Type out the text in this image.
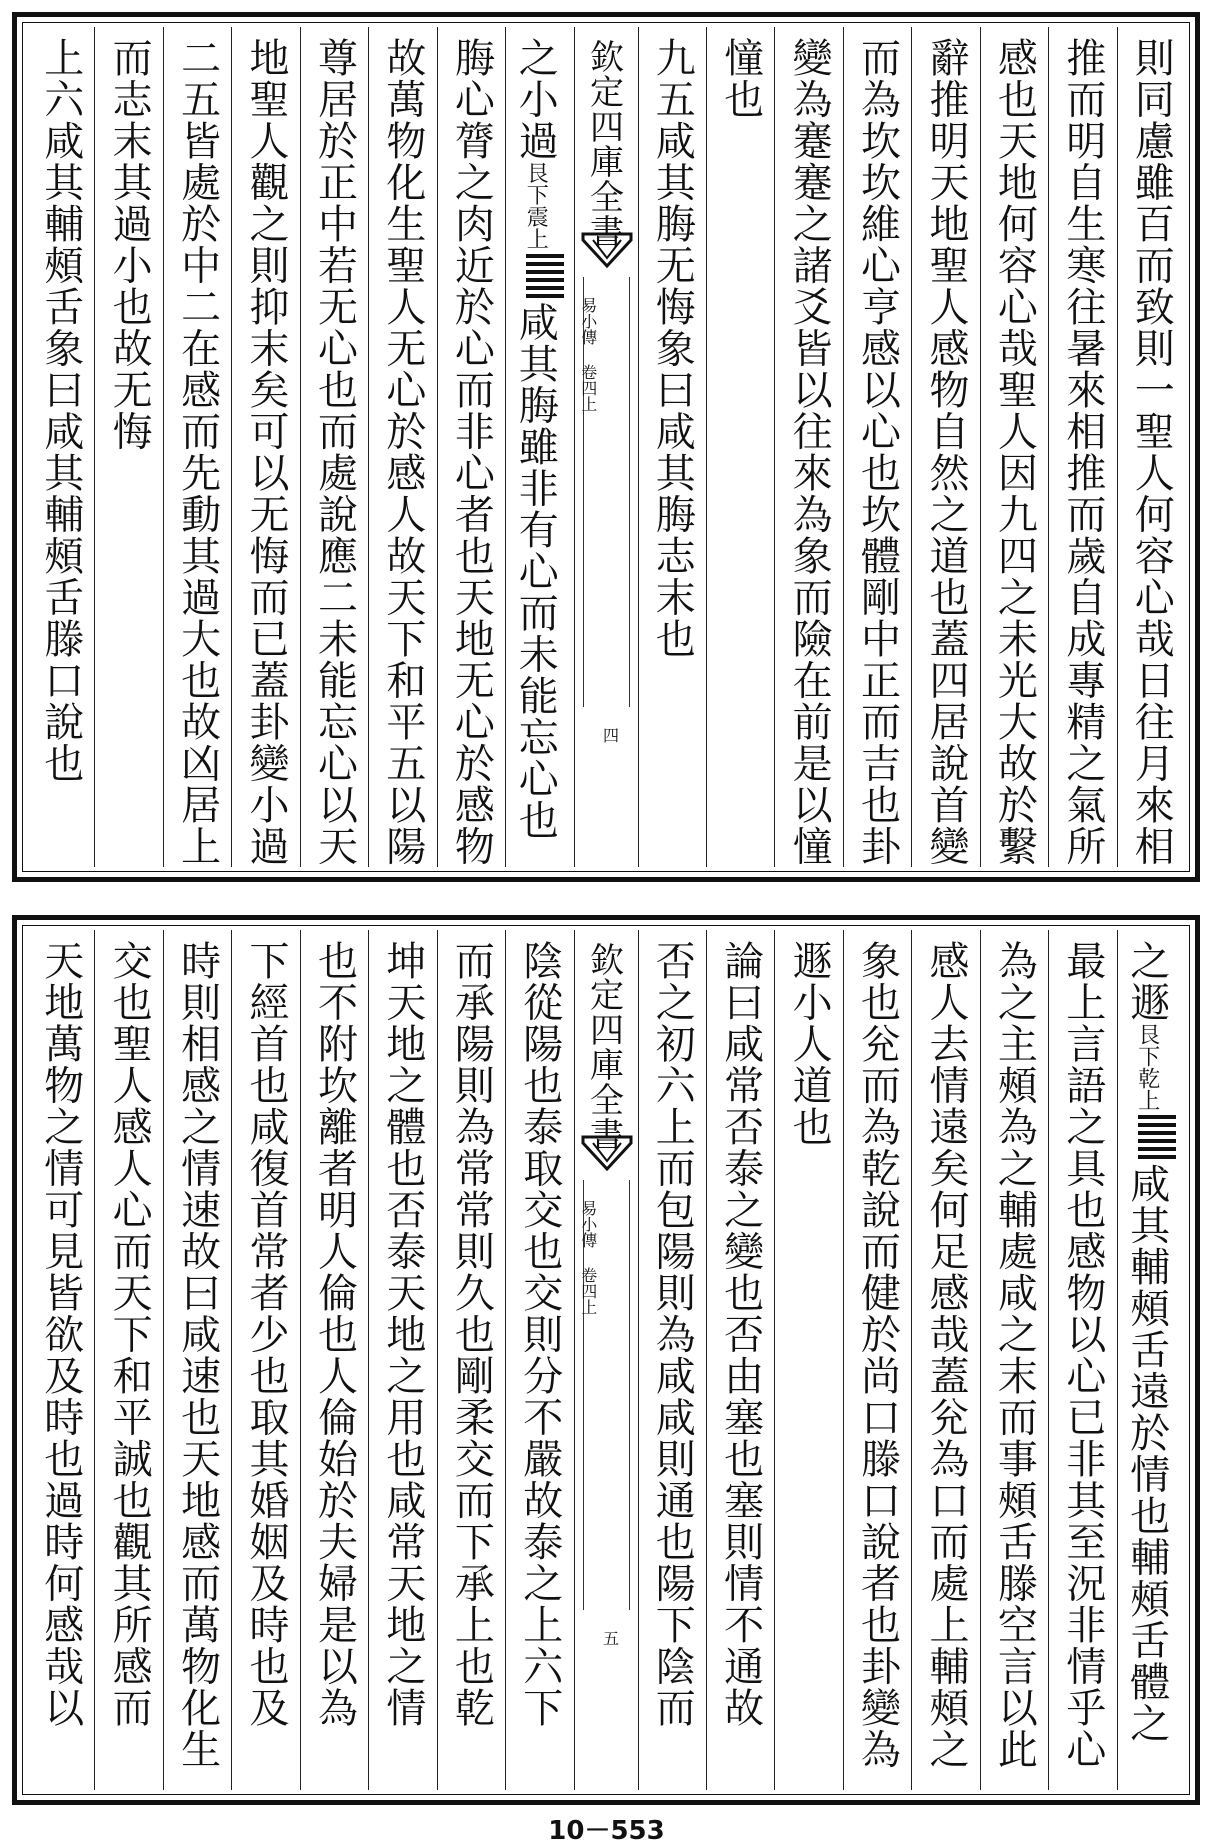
則同慮雖百而致則一聖人何容心哉日往月來相
推而明自生寒往暑來相推而歲自成專精之氣所
感也天地何容心哉聖人因九四之未光大故於繫
辭推明天地聖人感物自然之道也蓋四居說首變
而為坎坎維心亨感以心也坎體剛中正而吉也卦
變為蹇蹇之諸爻皆以往來為象而險在前是以憧
憧也
九五咸其脢无悔象曰咸其脢志末也
欽定四庫全書
易小傳 卷四上
四
之小過艮下震上咸其脢雖非有心而未能忘心也
脢心膂之肉近於心而非心者也天地无心於感物
故萬物化生聖人无心於感人故天下和平五以陽
尊居於正中若无心也而處說應二未能忘心以天
地聖人觀之則抑末矣可以无悔而已蓋卦變小過
二五皆處於中二在感而先動其過大也故凶居上
而志末其過小也故无悔
上六咸其輔頰舌象曰咸其輔頰舌滕口說也
之遯艮下乾上咸其輔頰舌遠於情也輔頰舌體之
最上言語之具也感物以心已非其至況非情乎心
為之主頰為之輔處咸之末而事頰舌滕空言以此
感人去情遠矣何足感哉蓋兊為口而處上輔頰之
象也兊而為乾說而健於尚口滕口說者也卦變為
遯小人道也
論曰咸常否泰之變也否由塞也塞則情不通故
否之初六上而包陽則為咸咸則通也陽下陰而
欽定四庫全書
易小傳 卷四上
五
陰從陽也泰取交也交則分不嚴故泰之上六下
而承陽則為常常則久也剛柔交而下承上也乾
坤天地之體也否泰天地之用也咸常天地之情
也不附坎離者明人倫也人倫始於夫婦是以為
下經首也咸復首常者少也取其婚姻及時也及
時則相感之情速故曰咸速也天地感而萬物化生
交也聖人感人心而天下和平誠也觀其所感而
天地萬物之情可見皆欲及時也過時何感哉以
10－553
